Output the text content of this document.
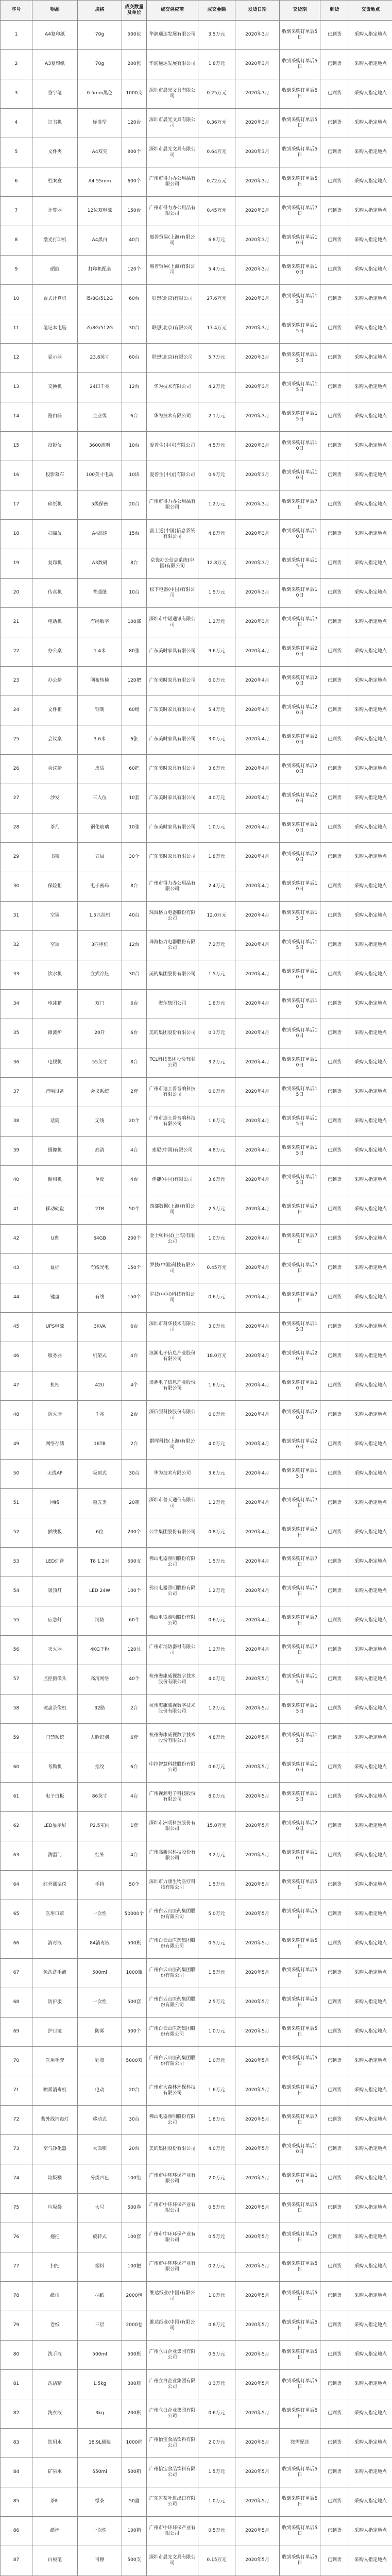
序号	物品	规格	成交数量及单位	成交供应商	成交金额	发货日期	交货期	到货	交货地点
1	A4复印纸	70g	500包	华润通达发展有限公司	3.5万元	2020年3月	收到采购订单后5日	已到货	采购人指定地点
2	A3复印纸	70g	200包	华润通达发展有限公司	1.8万元	2020年3月	收到采购订单后5日	已到货	采购人指定地点
3	签字笔	0.5mm黑色	1000支	深圳市晨光文具有限公司	0.25万元	2020年3月	收到采购订单后5日	已到货	采购人指定地点
4	订书机	标准型	120台	深圳市晨光文具有限公司	0.36万元	2020年3月	收到采购订单后5日	已到货	采购人指定地点
5	文件夹	A4双夹	800个	深圳市晨光文具有限公司	0.64万元	2020年3月	收到采购订单后5日	已到货	采购人指定地点
6	档案盒	A4 55mm	600个	广州市得力办公用品有限公司	0.72万元	2020年3月	收到采购订单后5日	已到货	采购人指定地点
7	计算器	12位双电源	150台	广州市得力办公用品有限公司	0.45万元	2020年3月	收到采购订单后7日	已到货	采购人指定地点
8	激光打印机	A4黑白	40台	惠普贸易(上海)有限公司	6.8万元	2020年3月	收到采购订单后10日	已到货	采购人指定地点
9	硒鼓	打印机配套	120个	惠普贸易(上海)有限公司	5.4万元	2020年3月	收到采购订单后10日	已到货	采购人指定地点
10	台式计算机	i5/8G/512G	60台	联想(北京)有限公司	27.6万元	2020年3月	收到采购订单后15日	已到货	采购人指定地点
11	笔记本电脑	i5/8G/512G	30台	联想(北京)有限公司	17.4万元	2020年3月	收到采购订单后15日	已到货	采购人指定地点
12	显示器	23.8英寸	60台	联想(北京)有限公司	5.7万元	2020年3月	收到采购订单后15日	已到货	采购人指定地点
13	交换机	24口千兆	12台	华为技术有限公司	4.2万元	2020年3月	收到采购订单后15日	已到货	采购人指定地点
14	路由器	企业级	6台	华为技术有限公司	2.1万元	2020年3月	收到采购订单后15日	已到货	采购人指定地点
15	投影仪	3600流明	10台	爱普生(中国)有限公司	4.5万元	2020年3月	收到采购订单后10日	已到货	采购人指定地点
16	投影幕布	100英寸电动	10块	爱普生(中国)有限公司	0.9万元	2020年3月	收到采购订单后10日	已到货	采购人指定地点
17	碎纸机	5级保密	20台	广州市得力办公用品有限公司	1.2万元	2020年3月	收到采购订单后7日	已到货	采购人指定地点
18	扫描仪	A4高速	15台	富士通(中国)信息系统有限公司	4.8万元	2020年3月	收到采购订单后10日	已到货	采购人指定地点
19	复印机	A3数码	8台	京瓷办公信息系统(中国)有限公司	12.8万元	2020年3月	收到采购订单后15日	已到货	采购人指定地点
20	传真机	普通纸	10台	松下电器(中国)有限公司	1.5万元	2020年3月	收到采购订单后10日	已到货	采购人指定地点
21	电话机	有绳数字	100部	深圳市中诺通讯有限公司	1.2万元	2020年3月	收到采购订单后7日	已到货	采购人指定地点
22	办公桌	1.4米	80张	广东美时家具有限公司	9.6万元	2020年4月	收到采购订单后20日	已到货	采购人指定地点
23	办公椅	网布转椅	120把	广东美时家具有限公司	6.0万元	2020年4月	收到采购订单后20日	已到货	采购人指定地点
24	文件柜	钢制	60组	广东美时家具有限公司	5.4万元	2020年4月	收到采购订单后20日	已到货	采购人指定地点
25	会议桌	3.6米	6张	广东美时家具有限公司	3.0万元	2020年4月	收到采购订单后20日	已到货	采购人指定地点
26	会议椅	皮质	60把	广东美时家具有限公司	3.6万元	2020年4月	收到采购订单后20日	已到货	采购人指定地点
27	沙发	三人位	10套	广东美时家具有限公司	4.0万元	2020年4月	收到采购订单后20日	已到货	采购人指定地点
28	茶几	钢化玻璃	10张	广东美时家具有限公司	1.0万元	2020年4月	收到采购订单后20日	已到货	采购人指定地点
29	书架	五层	30个	广东美时家具有限公司	1.8万元	2020年4月	收到采购订单后20日	已到货	采购人指定地点
30	保险柜	电子密码	8台	广州市得力办公用品有限公司	2.4万元	2020年4月	收到采购订单后10日	已到货	采购人指定地点
31	空调	1.5匹挂机	40台	珠海格力电器股份有限公司	12.0万元	2020年4月	收到采购订单后15日	已到货	采购人指定地点
32	空调	3匹柜机	12台	珠海格力电器股份有限公司	7.2万元	2020年4月	收到采购订单后15日	已到货	采购人指定地点
33	饮水机	立式冷热	30台	美的集团股份有限公司	1.5万元	2020年4月	收到采购订单后10日	已到货	采购人指定地点
34	电冰箱	双门	6台	海尔集团公司	1.8万元	2020年4月	收到采购订单后10日	已到货	采购人指定地点
35	微波炉	20升	6台	美的集团股份有限公司	0.3万元	2020年4月	收到采购订单后10日	已到货	采购人指定地点
36	电视机	55英寸	8台	TCL科技集团股份有限公司	3.2万元	2020年4月	收到采购订单后10日	已到货	采购人指定地点
37	音响设备	会议系统	2套	广州市迪士普音响科技有限公司	6.0万元	2020年4月	收到采购订单后15日	已到货	采购人指定地点
38	话筒	无线	20个	广州市迪士普音响科技有限公司	1.6万元	2020年4月	收到采购订单后15日	已到货	采购人指定地点
39	摄像机	高清	4台	索尼(中国)有限公司	4.8万元	2020年4月	收到采购订单后15日	已到货	采购人指定地点
40	照相机	单反	4台	佳能(中国)有限公司	3.6万元	2020年4月	收到采购订单后15日	已到货	采购人指定地点
41	移动硬盘	2TB	50个	西部数据(上海)有限公司	2.5万元	2020年4月	收到采购订单后7日	已到货	采购人指定地点
42	U盘	64GB	200个	金士顿科技(上海)有限公司	1.0万元	2020年4月	收到采购订单后7日	已到货	采购人指定地点
43	鼠标	有线光电	150个	罗技(中国)科技有限公司	0.45万元	2020年4月	收到采购订单后7日	已到货	采购人指定地点
44	键盘	有线	150个	罗技(中国)科技有限公司	0.6万元	2020年4月	收到采购订单后7日	已到货	采购人指定地点
45	UPS电源	3KVA	6台	深圳市科华技术有限公司	3.0万元	2020年4月	收到采购订单后15日	已到货	采购人指定地点
46	服务器	机架式	4台	浪潮电子信息产业股份有限公司	18.0万元	2020年4月	收到采购订单后20日	已到货	采购人指定地点
47	机柜	42U	4个	浪潮电子信息产业股份有限公司	1.6万元	2020年4月	收到采购订单后20日	已到货	采购人指定地点
48	防火墙	千兆	2台	深信服科技股份有限公司	6.0万元	2020年4月	收到采购订单后20日	已到货	采购人指定地点
49	网络存储	16TB	2台	群晖科技(上海)有限公司	4.0万元	2020年4月	收到采购订单后20日	已到货	采购人指定地点
50	无线AP	吸顶式	30台	华为技术有限公司	3.6万元	2020年4月	收到采购订单后15日	已到货	采购人指定地点
51	网线	超五类	20箱	深圳市普天通信有限公司	1.2万元	2020年4月	收到采购订单后7日	已到货	采购人指定地点
52	插线板	6位	200个	公牛集团股份有限公司	0.8万元	2020年4月	收到采购订单后7日	已到货	采购人指定地点
53	LED灯管	T8 1.2米	500支	佛山电器照明股份有限公司	1.5万元	2020年4月	收到采购订单后7日	已到货	采购人指定地点
54	吸顶灯	LED 24W	100个	佛山电器照明股份有限公司	1.2万元	2020年4月	收到采购订单后7日	已到货	采购人指定地点
55	应急灯	消防	60个	佛山电器照明股份有限公司	0.6万元	2020年4月	收到采购订单后7日	已到货	采购人指定地点
56	灭火器	4KG干粉	120具	广州市消防器材有限公司	1.2万元	2020年4月	收到采购订单后7日	已到货	采购人指定地点
57	监控摄像头	高清网络	40个	杭州海康威视数字技术股份有限公司	4.0万元	2020年5月	收到采购订单后15日	已到货	采购人指定地点
58	硬盘录像机	32路	2台	杭州海康威视数字技术股份有限公司	1.2万元	2020年5月	收到采购订单后15日	已到货	采购人指定地点
59	门禁系统	人脸识别	6套	杭州海康威视数字技术股份有限公司	4.8万元	2020年5月	收到采购订单后15日	已到货	采购人指定地点
60	考勤机	指纹	6台	中控智慧科技股份有限公司	0.6万元	2020年5月	收到采购订单后10日	已到货	采购人指定地点
61	电子白板	86英寸	4台	广州视源电子科技股份有限公司	8.0万元	2020年5月	收到采购订单后15日	已到货	采购人指定地点
62	LED显示屏	P2.5室内	1套	深圳市洲明科技股份有限公司	15.0万元	2020年5月	收到采购订单后20日	已到货	采购人指定地点
63	测温门	红外	4台	广州高新兴科技股份有限公司	3.2万元	2020年5月	收到采购订单后10日	已到货	采购人指定地点
64	红外测温仪	手持	50个	深圳市力康生物医疗科技有限公司	1.5万元	2020年5月	收到采购订单后5日	已到货	采购人指定地点
65	医用口罩	一次性	50000个	广州白云山医药集团股份有限公司	5.0万元	2020年5月	收到采购订单后5日	已到货	采购人指定地点
66	消毒液	84消毒液	500瓶	广州白云山医药集团股份有限公司	0.5万元	2020年5月	收到采购订单后5日	已到货	采购人指定地点
67	免洗洗手液	500ml	1000瓶	广州白云山医药集团股份有限公司	1.5万元	2020年5月	收到采购订单后5日	已到货	采购人指定地点
68	防护服	一次性	500套	广州白云山医药集团股份有限公司	2.5万元	2020年5月	收到采购订单后5日	已到货	采购人指定地点
69	护目镜	防雾	500个	广州白云山医药集团股份有限公司	1.0万元	2020年5月	收到采购订单后5日	已到货	采购人指定地点
70	医用手套	乳胶	5000双	广州白云山医药集团股份有限公司	1.0万元	2020年5月	收到采购订单后5日	已到货	采购人指定地点
71	喷雾消毒机	电动	20台	广州市大森林环保科技有限公司	1.6万元	2020年5月	收到采购订单后7日	已到货	采购人指定地点
72	紫外线消毒灯	移动式	30台	佛山电器照明股份有限公司	1.8万元	2020年5月	收到采购订单后7日	已到货	采购人指定地点
73	空气净化器	大面积	20台	美的集团股份有限公司	4.0万元	2020年5月	收到采购订单后10日	已到货	采购人指定地点
74	垃圾桶	分类四色	100组	广州市中环环保产业有限公司	2.0万元	2020年5月	收到采购订单后10日	已到货	采购人指定地点
75	垃圾袋	大号	500卷	广州市中环环保产业有限公司	0.5万元	2020年5月	收到采购订单后5日	已到货	采购人指定地点
76	拖把	旋转式	100套	广州市中环环保产业有限公司	0.5万元	2020年5月	收到采购订单后5日	已到货	采购人指定地点
77	扫把	塑料	100把	广州市中环环保产业有限公司	0.2万元	2020年5月	收到采购订单后5日	已到货	采购人指定地点
78	纸巾	抽纸	2000包	维达纸业(中国)有限公司	1.0万元	2020年5月	收到采购订单后5日	已到货	采购人指定地点
79	卷纸	三层	2000卷	维达纸业(中国)有限公司	0.8万元	2020年5月	收到采购订单后5日	已到货	采购人指定地点
80	洗手液	500ml	500瓶	广州立白企业集团有限公司	0.5万元	2020年5月	收到采购订单后5日	已到货	采购人指定地点
81	洗洁精	1.5kg	300瓶	广州立白企业集团有限公司	0.3万元	2020年5月	收到采购订单后5日	已到货	采购人指定地点
82	洗衣液	3kg	200瓶	广州立白企业集团有限公司	0.6万元	2020年5月	收到采购订单后5日	已到货	采购人指定地点
83	饮用水	18.9L桶装	1000桶	广州怡宝食品饮料有限公司	2.0万元	2020年5月	按需配送	已到货	采购人指定地点
84	矿泉水	550ml	500箱	广州怡宝食品饮料有限公司	1.5万元	2020年5月	收到采购订单后5日	已到货	采购人指定地点
85	茶叶	绿茶	50盒	广东省茶叶进出口有限公司	1.0万元	2020年5月	收到采购订单后5日	已到货	采购人指定地点
86	纸杯	一次性	100箱	广州市中环环保产业有限公司	0.5万元	2020年5月	收到采购订单后5日	已到货	采购人指定地点
87	白板笔	可擦	500支	深圳市晨光文具有限公司	0.15万元	2020年5月	收到采购订单后5日	已到货	采购人指定地点
